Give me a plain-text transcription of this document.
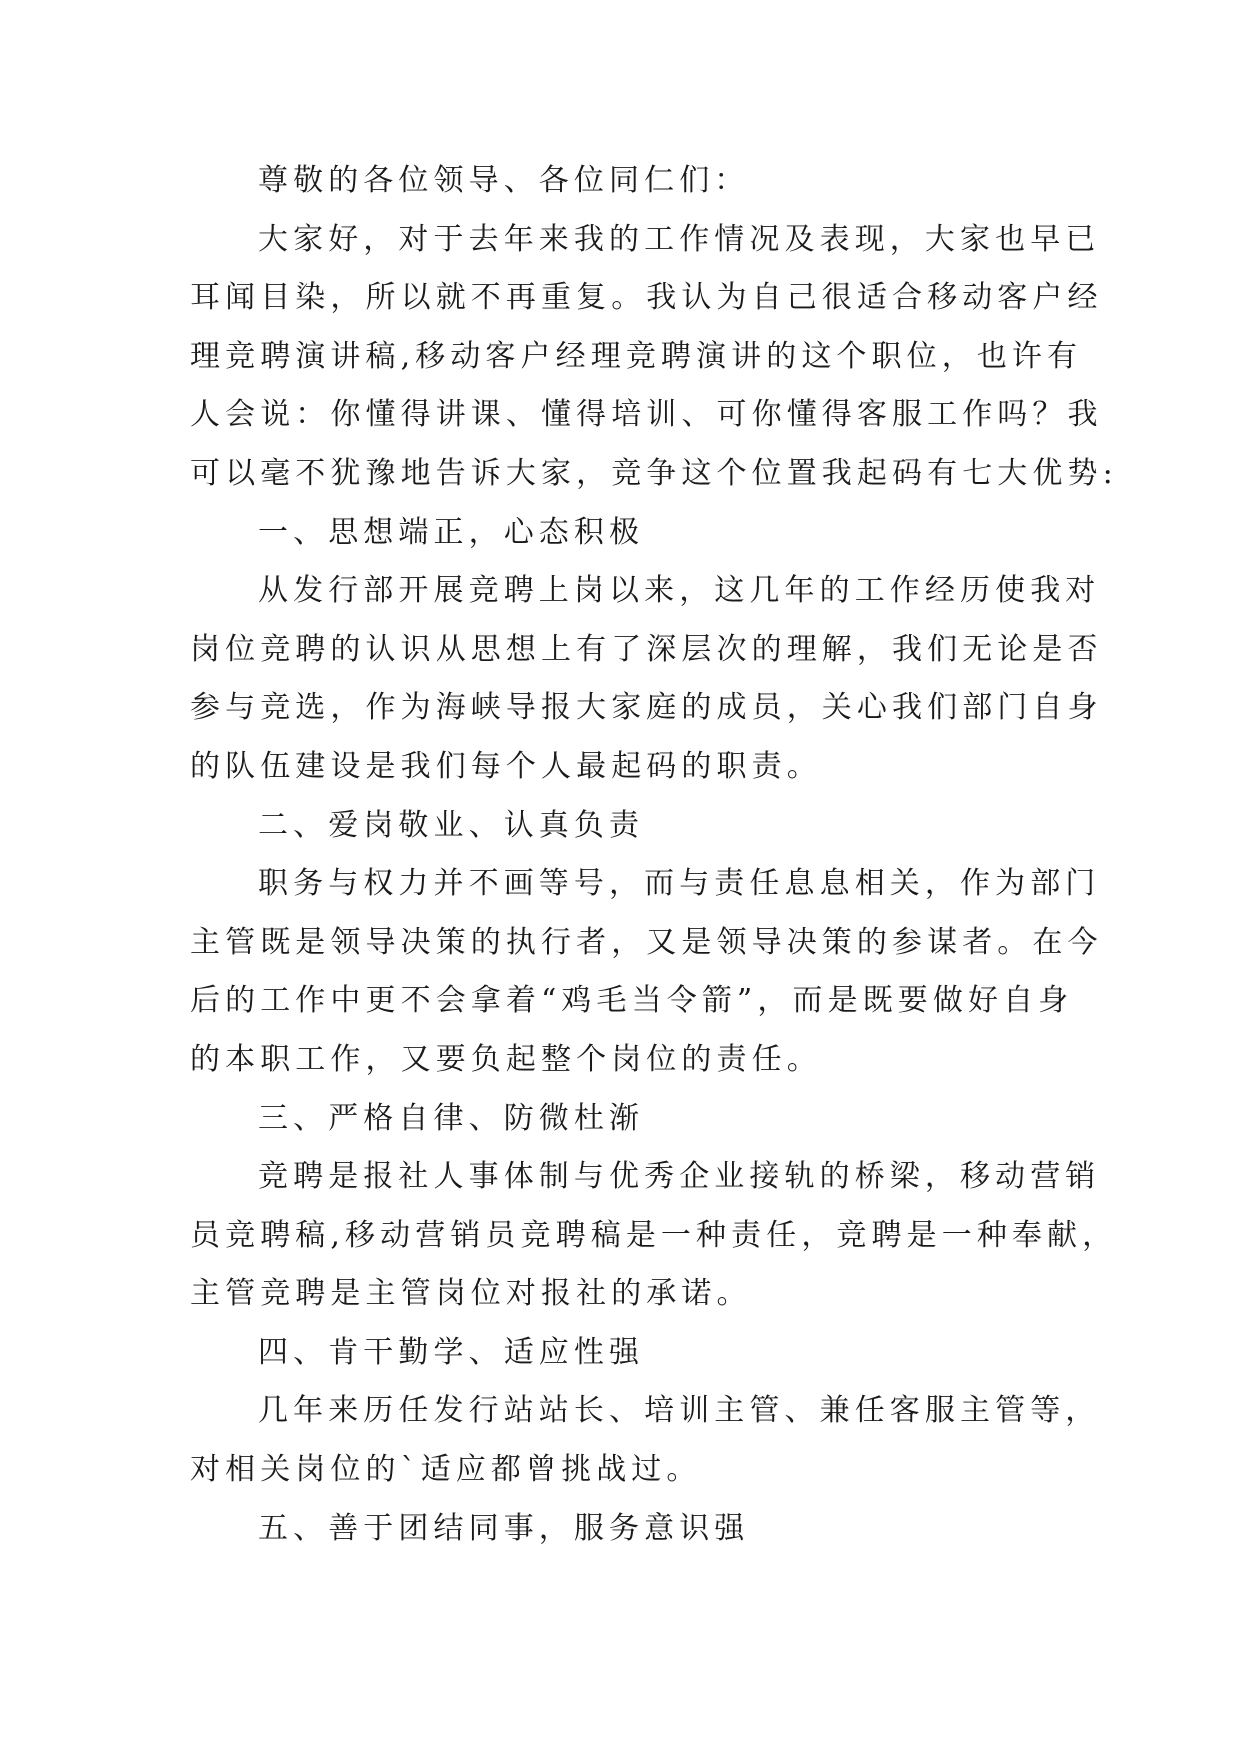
尊敬的各位领导、各位同仁们：

大家好，对于去年来我的工作情况及表现，大家也早已

耳闻目染，所以就不再重复。我认为自己很适合移动客户经

理竞聘演讲稿,移动客户经理竞聘演讲的这个职位，也许有

人会说：你懂得讲课、懂得培训、可你懂得客服工作吗？我

可以毫不犹豫地告诉大家，竞争这个位置我起码有七大优势:

一、思想端正，心态积极

从发行部开展竞聘上岗以来，这几年的工作经历使我对

岗位竞聘的认识从思想上有了深层次的理解，我们无论是否

参与竞选，作为海峡导报大家庭的成员，关心我们部门自身

的队伍建设是我们每个人最起码的职责。

二、爱岗敬业、认真负责

职务与权力并不画等号，而与责任息息相关，作为部门

主管既是领导决策的执行者，又是领导决策的参谋者。在今

后的工作中更不会拿着“鸡毛当令箭”，而是既要做好自身

的本职工作，又要负起整个岗位的责任。

三、严格自律、防微杜渐

竞聘是报社人事体制与优秀企业接轨的桥梁，移动营销

员竞聘稿,移动营销员竞聘稿是一种责任，竞聘是一种奉献，

主管竞聘是主管岗位对报社的承诺。

四、肯干勤学、适应性强

几年来历任发行站站长、培训主管、兼任客服主管等，

对相关岗位的`适应都曾挑战过。

五、善于团结同事，服务意识强
